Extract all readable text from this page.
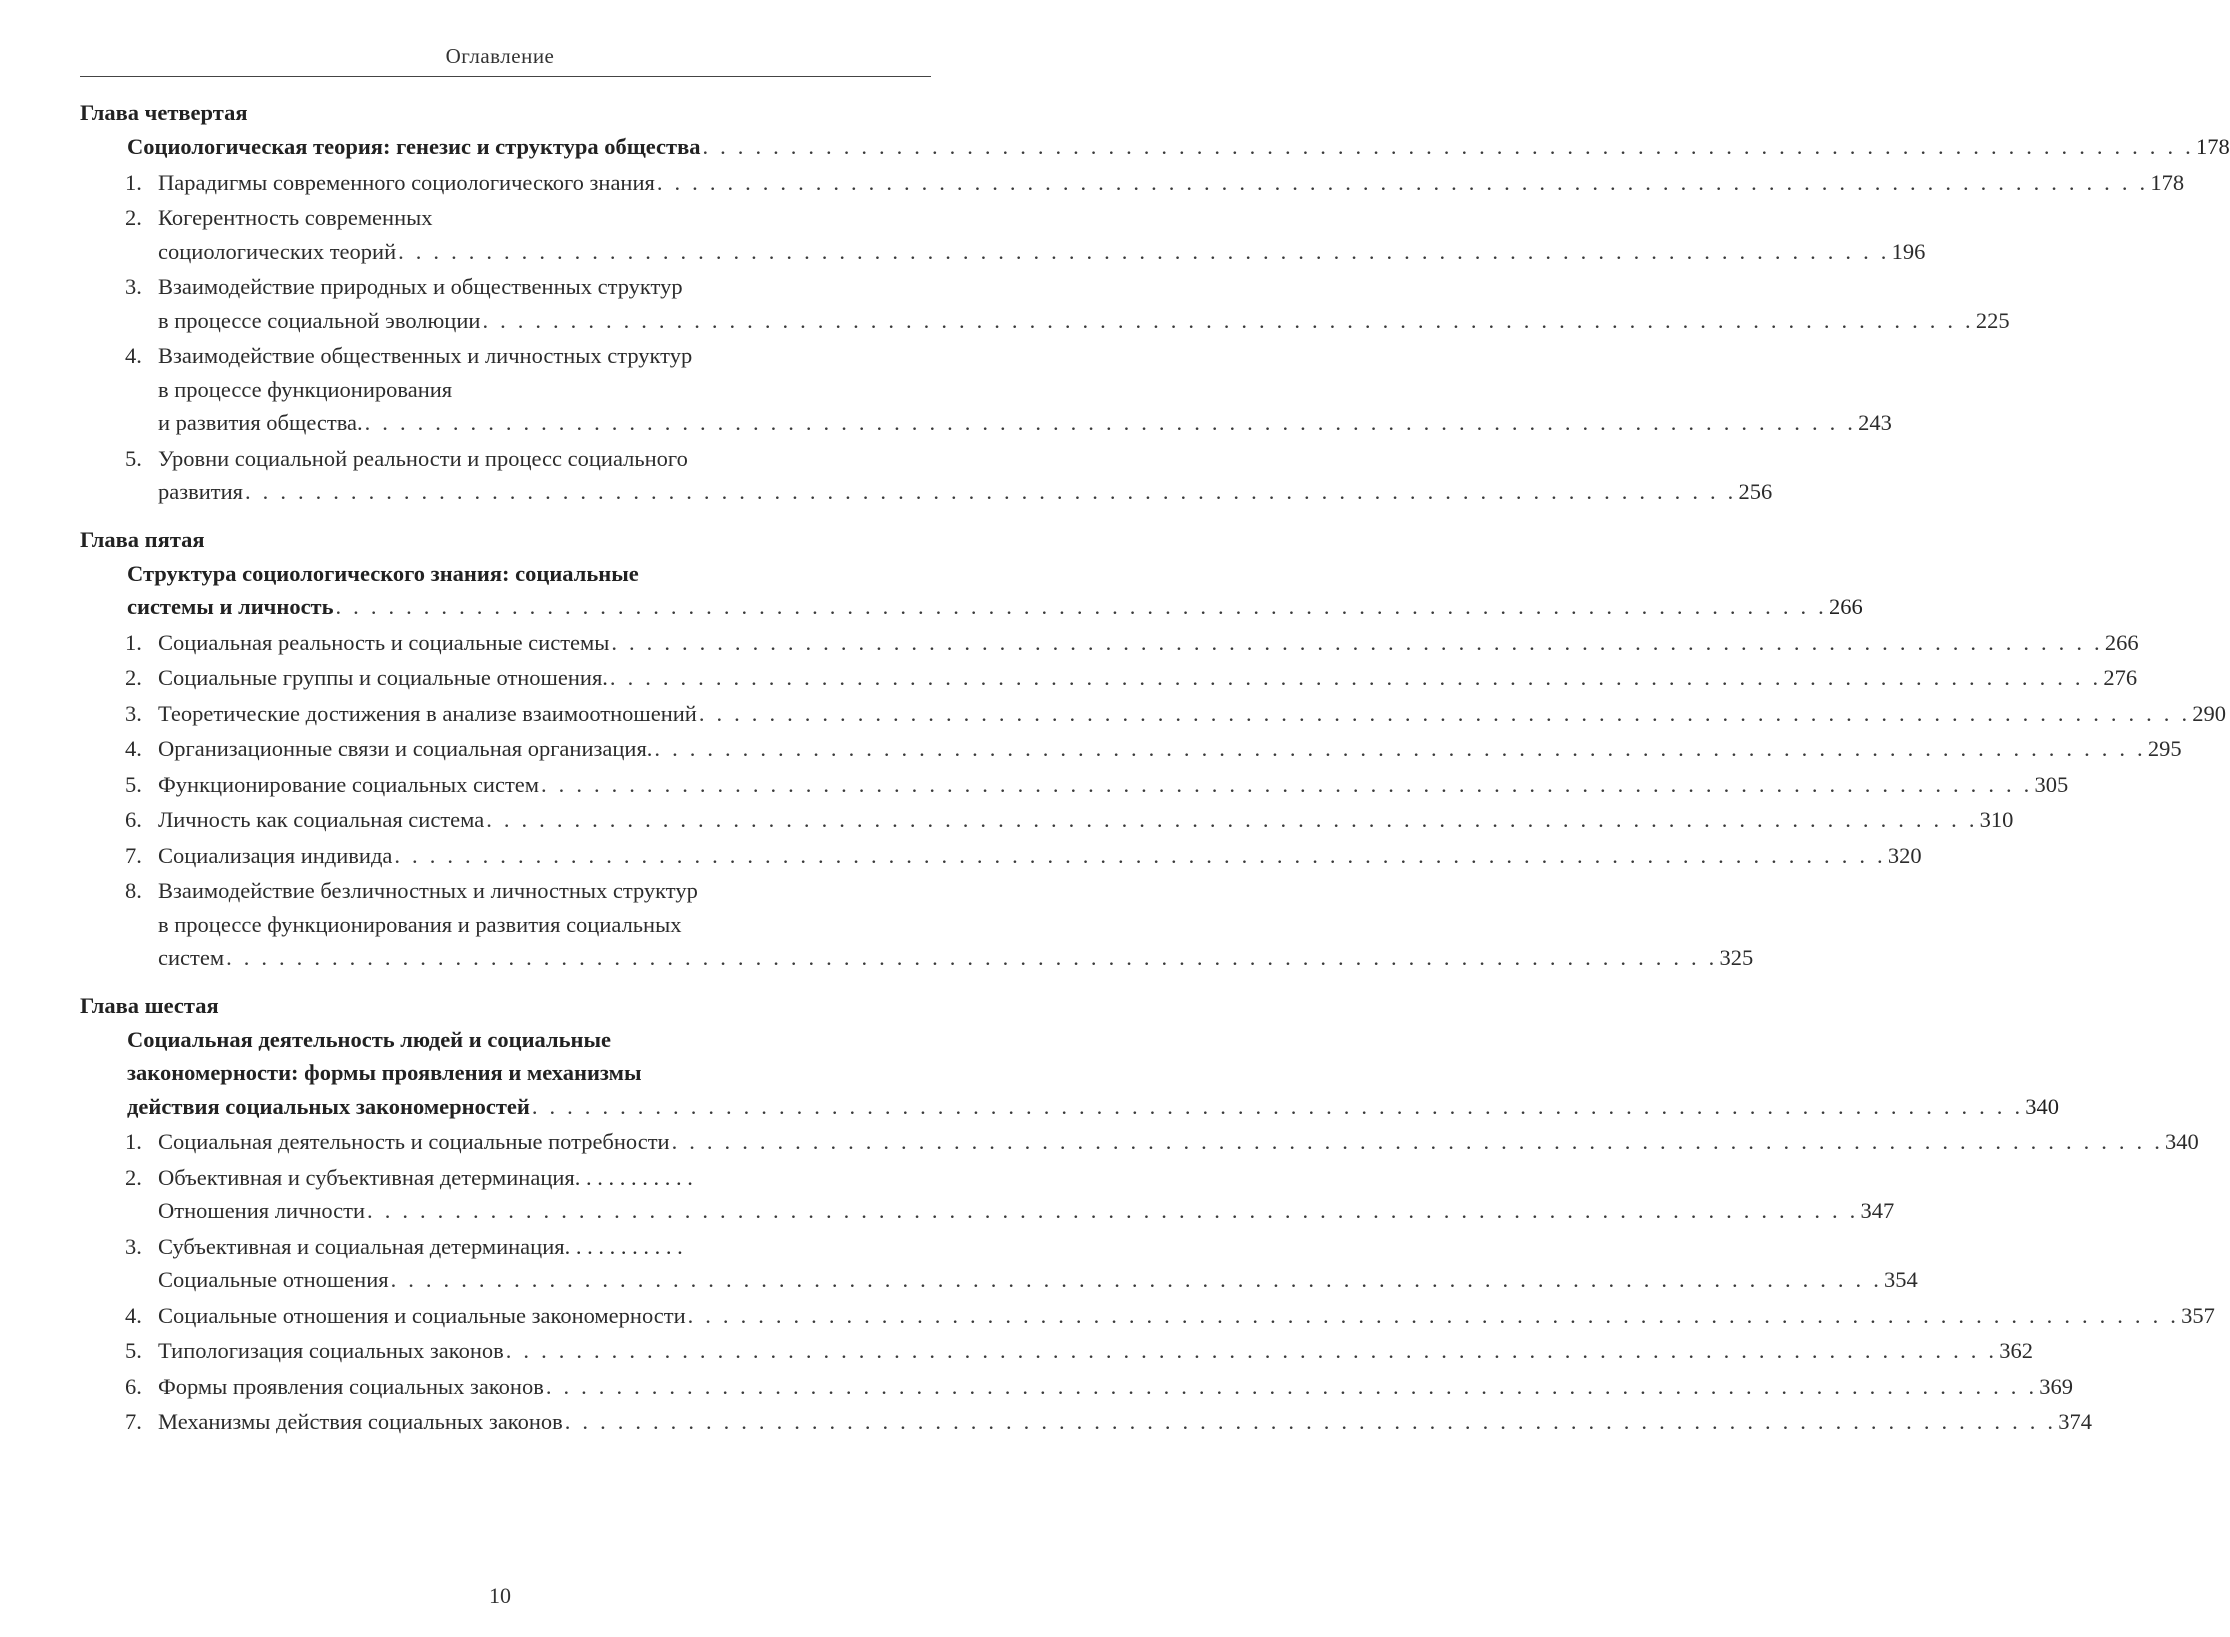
Оглавление
Глава четвертая
Социологическая теория: генезис и структура общества . . . . . . . . . . . . . . . . . . . . . . . . . . . . . . . . . . . . . . . . . . . . . . . . . . . . . . . . . . . . . . . . . . . . . . . . . . . . . . . . . . . . . 178
1. Парадигмы современного социологического знания . . . . . . . . . . . . . . . . . . . . . . . . . . . . . . . . . . . . . . . . . . . . . . . . . . . . . . . . . . . . . . . . . . . . . . . . . . . . . . . . . . . . . 178
2. Когерентность современных
социологических теорий . . . . . . . . . . . . . . . . . . . . . . . . . . . . . . . . . . . . . . . . . . . . . . . . . . . . . . . . . . . . . . . . . . . . . . . . . . . . . . . . . . . . . 196
3. Взаимодействие природных и общественных структур
в процессе социальной эволюции . . . . . . . . . . . . . . . . . . . . . . . . . . . . . . . . . . . . . . . . . . . . . . . . . . . . . . . . . . . . . . . . . . . . . . . . . . . . . . . . . . . . . 225
4. Взаимодействие общественных и личностных структур
в процессе функционирования
и развития общества. . . . . . . . . . . . . . . . . . . . . . . . . . . . . . . . . . . . . . . . . . . . . . . . . . . . . . . . . . . . . . . . . . . . . . . . . . . . . . . . . . . . . . 243
5. Уровни социальной реальности и процесс социального
развития . . . . . . . . . . . . . . . . . . . . . . . . . . . . . . . . . . . . . . . . . . . . . . . . . . . . . . . . . . . . . . . . . . . . . . . . . . . . . . . . . . . . . 256
Глава пятая
Структура социологического знания: социальные
системы и личность . . . . . . . . . . . . . . . . . . . . . . . . . . . . . . . . . . . . . . . . . . . . . . . . . . . . . . . . . . . . . . . . . . . . . . . . . . . . . . . . . . . . . 266
1. Социальная реальность и социальные системы . . . . . . . . . . . . . . . . . . . . . . . . . . . . . . . . . . . . . . . . . . . . . . . . . . . . . . . . . . . . . . . . . . . . . . . . . . . . . . . . . . . . . 266
2. Социальные группы и социальные отношения. . . . . . . . . . . . . . . . . . . . . . . . . . . . . . . . . . . . . . . . . . . . . . . . . . . . . . . . . . . . . . . . . . . . . . . . . . . . . . . . . . . . . . 276
3. Теоретические достижения в анализе взаимоотношений . . . . . . . . . . . . . . . . . . . . . . . . . . . . . . . . . . . . . . . . . . . . . . . . . . . . . . . . . . . . . . . . . . . . . . . . . . . . . . . . . . . . . 290
4. Организационные связи и социальная организация. . . . . . . . . . . . . . . . . . . . . . . . . . . . . . . . . . . . . . . . . . . . . . . . . . . . . . . . . . . . . . . . . . . . . . . . . . . . . . . . . . . . . . 295
5. Функционирование социальных систем . . . . . . . . . . . . . . . . . . . . . . . . . . . . . . . . . . . . . . . . . . . . . . . . . . . . . . . . . . . . . . . . . . . . . . . . . . . . . . . . . . . . . 305
6. Личность как социальная система . . . . . . . . . . . . . . . . . . . . . . . . . . . . . . . . . . . . . . . . . . . . . . . . . . . . . . . . . . . . . . . . . . . . . . . . . . . . . . . . . . . . . 310
7. Социализация индивида . . . . . . . . . . . . . . . . . . . . . . . . . . . . . . . . . . . . . . . . . . . . . . . . . . . . . . . . . . . . . . . . . . . . . . . . . . . . . . . . . . . . . 320
8. Взаимодействие безличностных и личностных структур
в процессе функционирования и развития социальных
систем . . . . . . . . . . . . . . . . . . . . . . . . . . . . . . . . . . . . . . . . . . . . . . . . . . . . . . . . . . . . . . . . . . . . . . . . . . . . . . . . . . . . . 325
Глава шестая
Социальная деятельность людей и социальные
закономерности: формы проявления и механизмы
действия социальных закономерностей . . . . . . . . . . . . . . . . . . . . . . . . . . . . . . . . . . . . . . . . . . . . . . . . . . . . . . . . . . . . . . . . . . . . . . . . . . . . . . . . . . . . . 340
1. Социальная деятельность и социальные потребности . . . . . . . . . . . . . . . . . . . . . . . . . . . . . . . . . . . . . . . . . . . . . . . . . . . . . . . . . . . . . . . . . . . . . . . . . . . . . . . . . . . . . 340
2. Объективная и субъективная детерминация. . . . . . . . . . .
Отношения личности . . . . . . . . . . . . . . . . . . . . . . . . . . . . . . . . . . . . . . . . . . . . . . . . . . . . . . . . . . . . . . . . . . . . . . . . . . . . . . . . . . . . . 347
3. Субъективная и социальная детерминация. . . . . . . . . . .
Социальные отношения . . . . . . . . . . . . . . . . . . . . . . . . . . . . . . . . . . . . . . . . . . . . . . . . . . . . . . . . . . . . . . . . . . . . . . . . . . . . . . . . . . . . . 354
4. Социальные отношения и социальные закономерности . . . . . . . . . . . . . . . . . . . . . . . . . . . . . . . . . . . . . . . . . . . . . . . . . . . . . . . . . . . . . . . . . . . . . . . . . . . . . . . . . . . . . 357
5. Типологизация социальных законов . . . . . . . . . . . . . . . . . . . . . . . . . . . . . . . . . . . . . . . . . . . . . . . . . . . . . . . . . . . . . . . . . . . . . . . . . . . . . . . . . . . . . 362
6. Формы проявления социальных законов . . . . . . . . . . . . . . . . . . . . . . . . . . . . . . . . . . . . . . . . . . . . . . . . . . . . . . . . . . . . . . . . . . . . . . . . . . . . . . . . . . . . . 369
7. Механизмы действия социальных законов . . . . . . . . . . . . . . . . . . . . . . . . . . . . . . . . . . . . . . . . . . . . . . . . . . . . . . . . . . . . . . . . . . . . . . . . . . . . . . . . . . . . . 374
10
